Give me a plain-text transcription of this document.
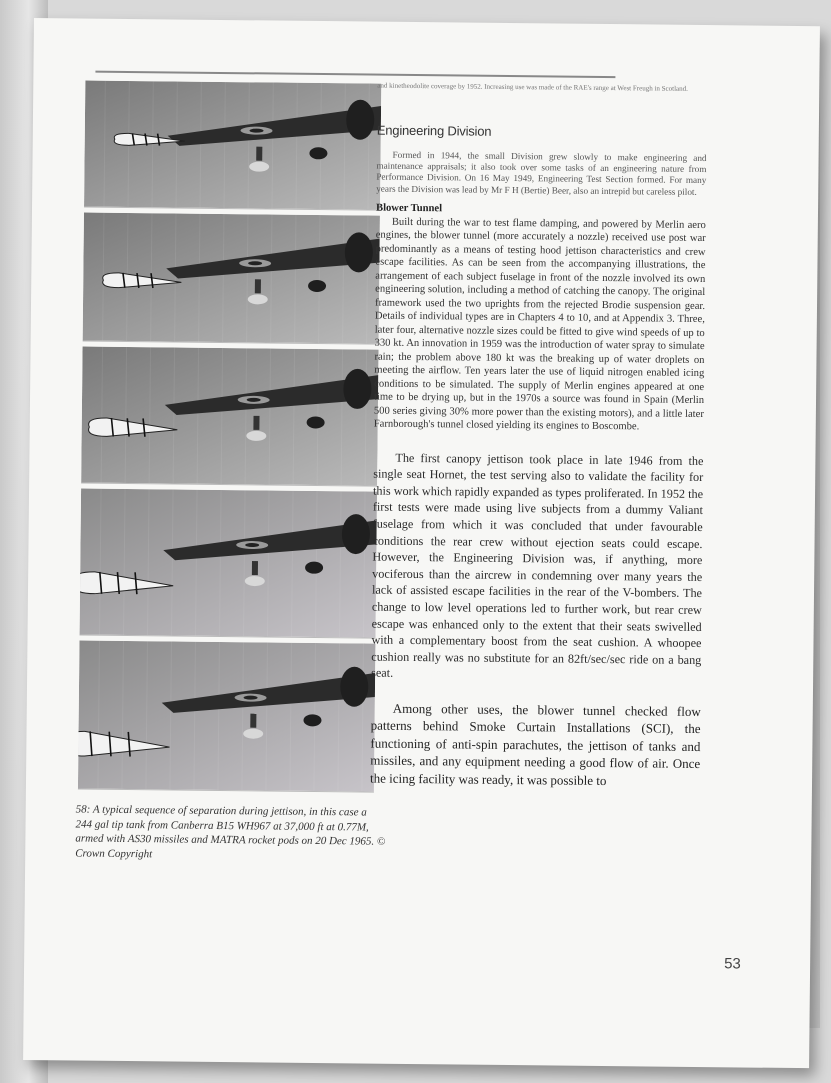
58: A typical sequence of separation during jettison, in this case a 244 gal tip tank from Canberra B15 WH967 at 37,000 ft at 0.77M, armed with AS30 missiles and MATRA rocket pods on 20 Dec 1965. © Crown Copyright

and kinetheodolite coverage by 1952. Increasing use was made of the RAE's range at West Freugh in Scotland.

Engineering Division

Formed in 1944, the small Division grew slowly to make engineering and maintenance appraisals; it also took over some tasks of an engineering nature from Performance Division. On 16 May 1949, Engineering Test Section formed. For many years the Division was lead by Mr F H (Bertie) Beer, also an intrepid but careless pilot.

Blower Tunnel

Built during the war to test flame damping, and powered by Merlin aero engines, the blower tunnel (more accurately a nozzle) received use post war predominantly as a means of testing hood jettison characteristics and crew escape facilities. As can be seen from the accompanying illustrations, the arrangement of each subject fuselage in front of the nozzle involved its own engineering solution, including a method of catching the canopy. The original framework used the two uprights from the rejected Brodie suspension gear. Details of individual types are in Chapters 4 to 10, and at Appendix 3. Three, later four, alternative nozzle sizes could be fitted to give wind speeds of up to 330 kt. An innovation in 1959 was the introduction of water spray to simulate rain; the problem above 180 kt was the breaking up of water droplets on meeting the airflow. Ten years later the use of liquid nitrogen enabled icing conditions to be simulated. The supply of Merlin engines appeared at one time to be drying up, but in the 1970s a source was found in Spain (Merlin 500 series giving 30% more power than the existing motors), and a little later Farnborough's tunnel closed yielding its engines to Boscombe.

The first canopy jettison took place in late 1946 from the single seat Hornet, the test serving also to validate the facility for this work which rapidly expanded as types proliferated. In 1952 the first tests were made using live subjects from a dummy Valiant fuselage from which it was concluded that under favourable conditions the rear crew without ejection seats could escape. However, the Engineering Division was, if anything, more vociferous than the aircrew in condemning over many years the lack of assisted escape facilities in the rear of the V-bombers. The change to low level operations led to further work, but rear crew escape was enhanced only to the extent that their seats swivelled with a complementary boost from the seat cushion. A whoopee cushion really was no substitute for an 82ft/sec/sec ride on a bang seat.

Among other uses, the blower tunnel checked flow patterns behind Smoke Curtain Installations (SCI), the functioning of anti-spin parachutes, the jettison of tanks and missiles, and any equipment needing a good flow of air. Once the icing facility was ready, it was possible to

53
